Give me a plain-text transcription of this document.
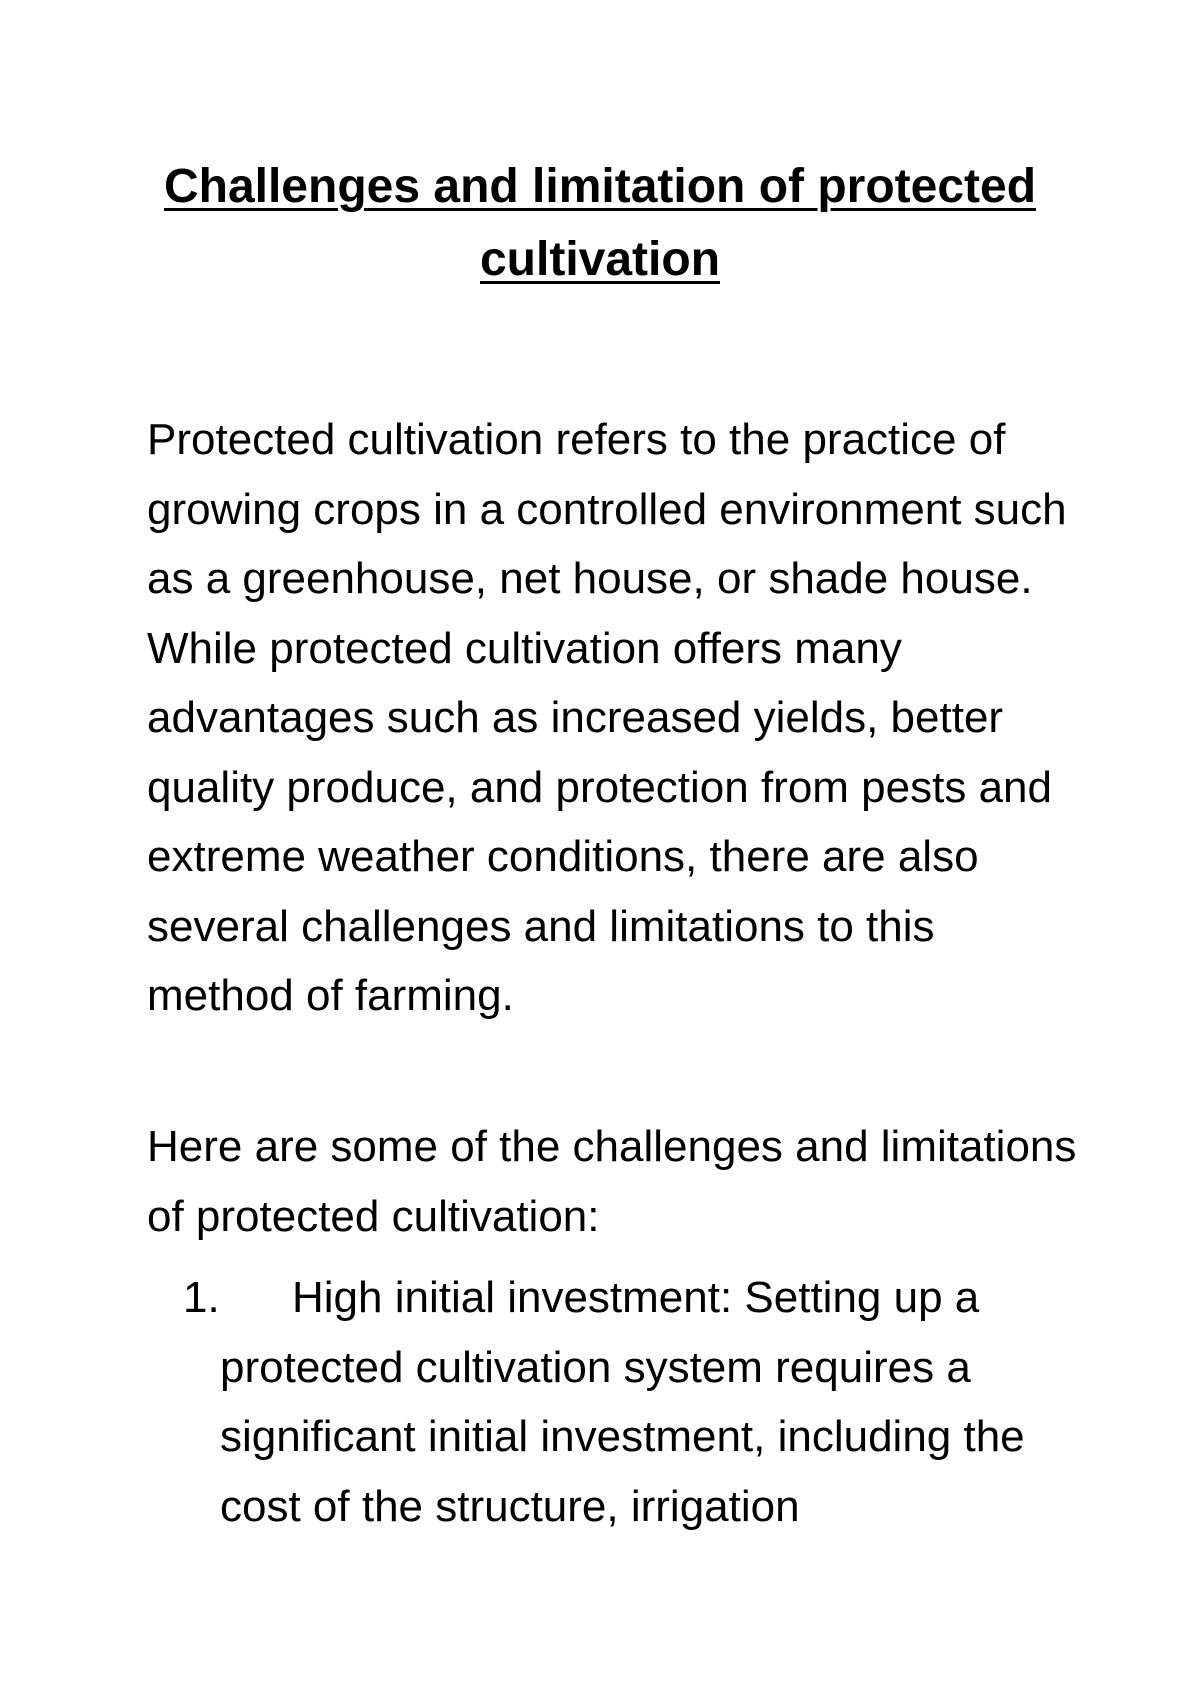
Challenges and limitation of protected cultivation

Protected cultivation refers to the practice of growing crops in a controlled environment such as a greenhouse, net house, or shade house. While protected cultivation offers many advantages such as increased yields, better quality produce, and protection from pests and extreme weather conditions, there are also several challenges and limitations to this method of farming.

Here are some of the challenges and limitations of protected cultivation:

1. High initial investment: Setting up a protected cultivation system requires a significant initial investment, including the cost of the structure, irrigation
